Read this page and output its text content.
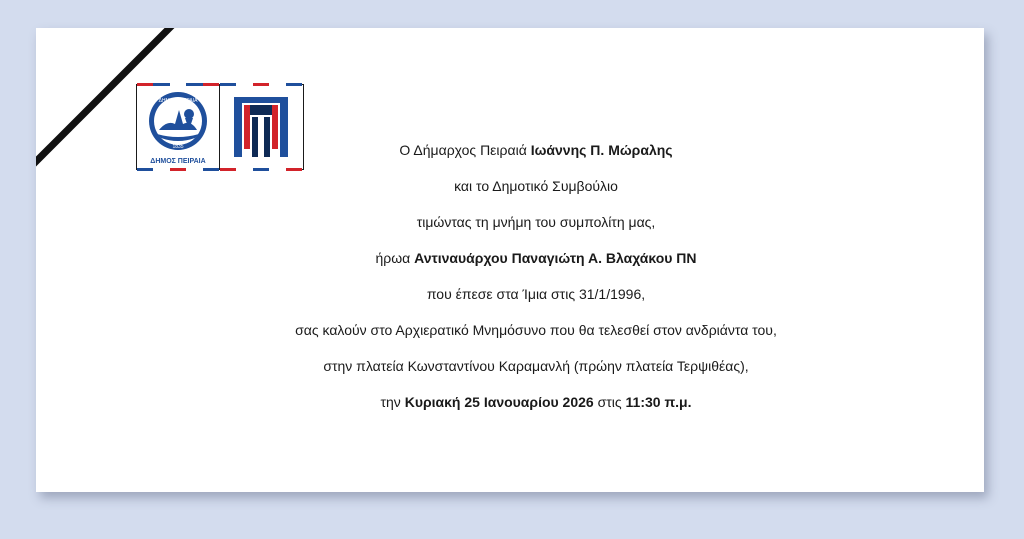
1835
ΔΗΜΟΣ ΠΕΙΡΑΙΑ
ΔΗΜΟΣ ΠΕΙΡΑΙΑ

Ο Δήμαρχος Πειραιά Ιωάννης Π. Μώραλης

και το Δημοτικό Συμβούλιο

τιμώντας τη μνήμη του συμπολίτη μας,

ήρωα Αντιναυάρχου Παναγιώτη Α. Βλαχάκου ΠΝ

που έπεσε στα Ίμια στις 31/1/1996,

σας καλούν στο Αρχιερατικό Μνημόσυνο που θα τελεσθεί στον ανδριάντα του,

στην πλατεία Κωνσταντίνου Καραμανλή (πρώην πλατεία Τερψιθέας),

την Κυριακή 25 Ιανουαρίου 2026 στις 11:30 π.μ.
